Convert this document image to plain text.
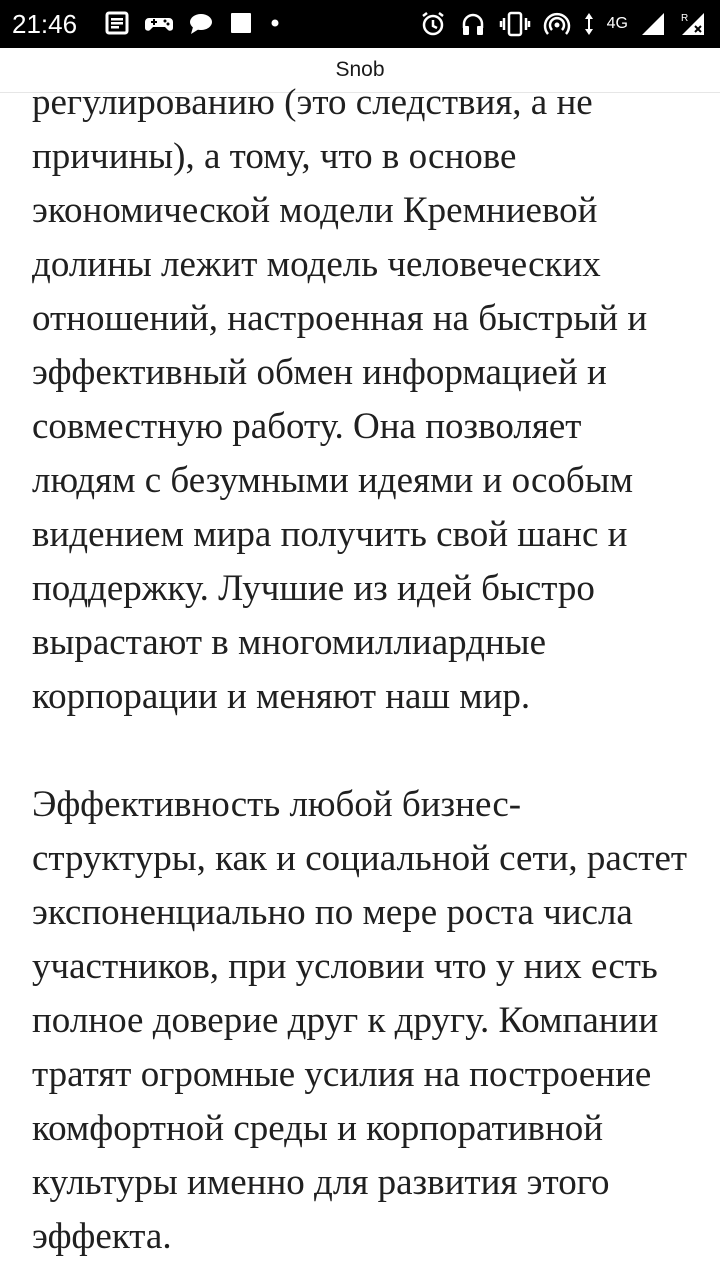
21:46	4G	R
Snob

регулированию (это следствия, а не причины), а тому, что в основе экономической модели Кремниевой долины лежит модель человеческих отношений, настроенная на быстрый и эффективный обмен информацией и совместную работу. Она позволяет людям с безумными идеями и особым видением мира получить свой шанс и поддержку. Лучшие из идей быстро вырастают в многомиллиардные корпорации и меняют наш мир.

Эффективность любой бизнес-структуры, как и социальной сети, растет экспоненциально по мере роста числа участников, при условии что у них есть полное доверие друг к другу. Компании тратят огромные усилия на построение комфортной среды и корпоративной культуры именно для развития этого эффекта.
